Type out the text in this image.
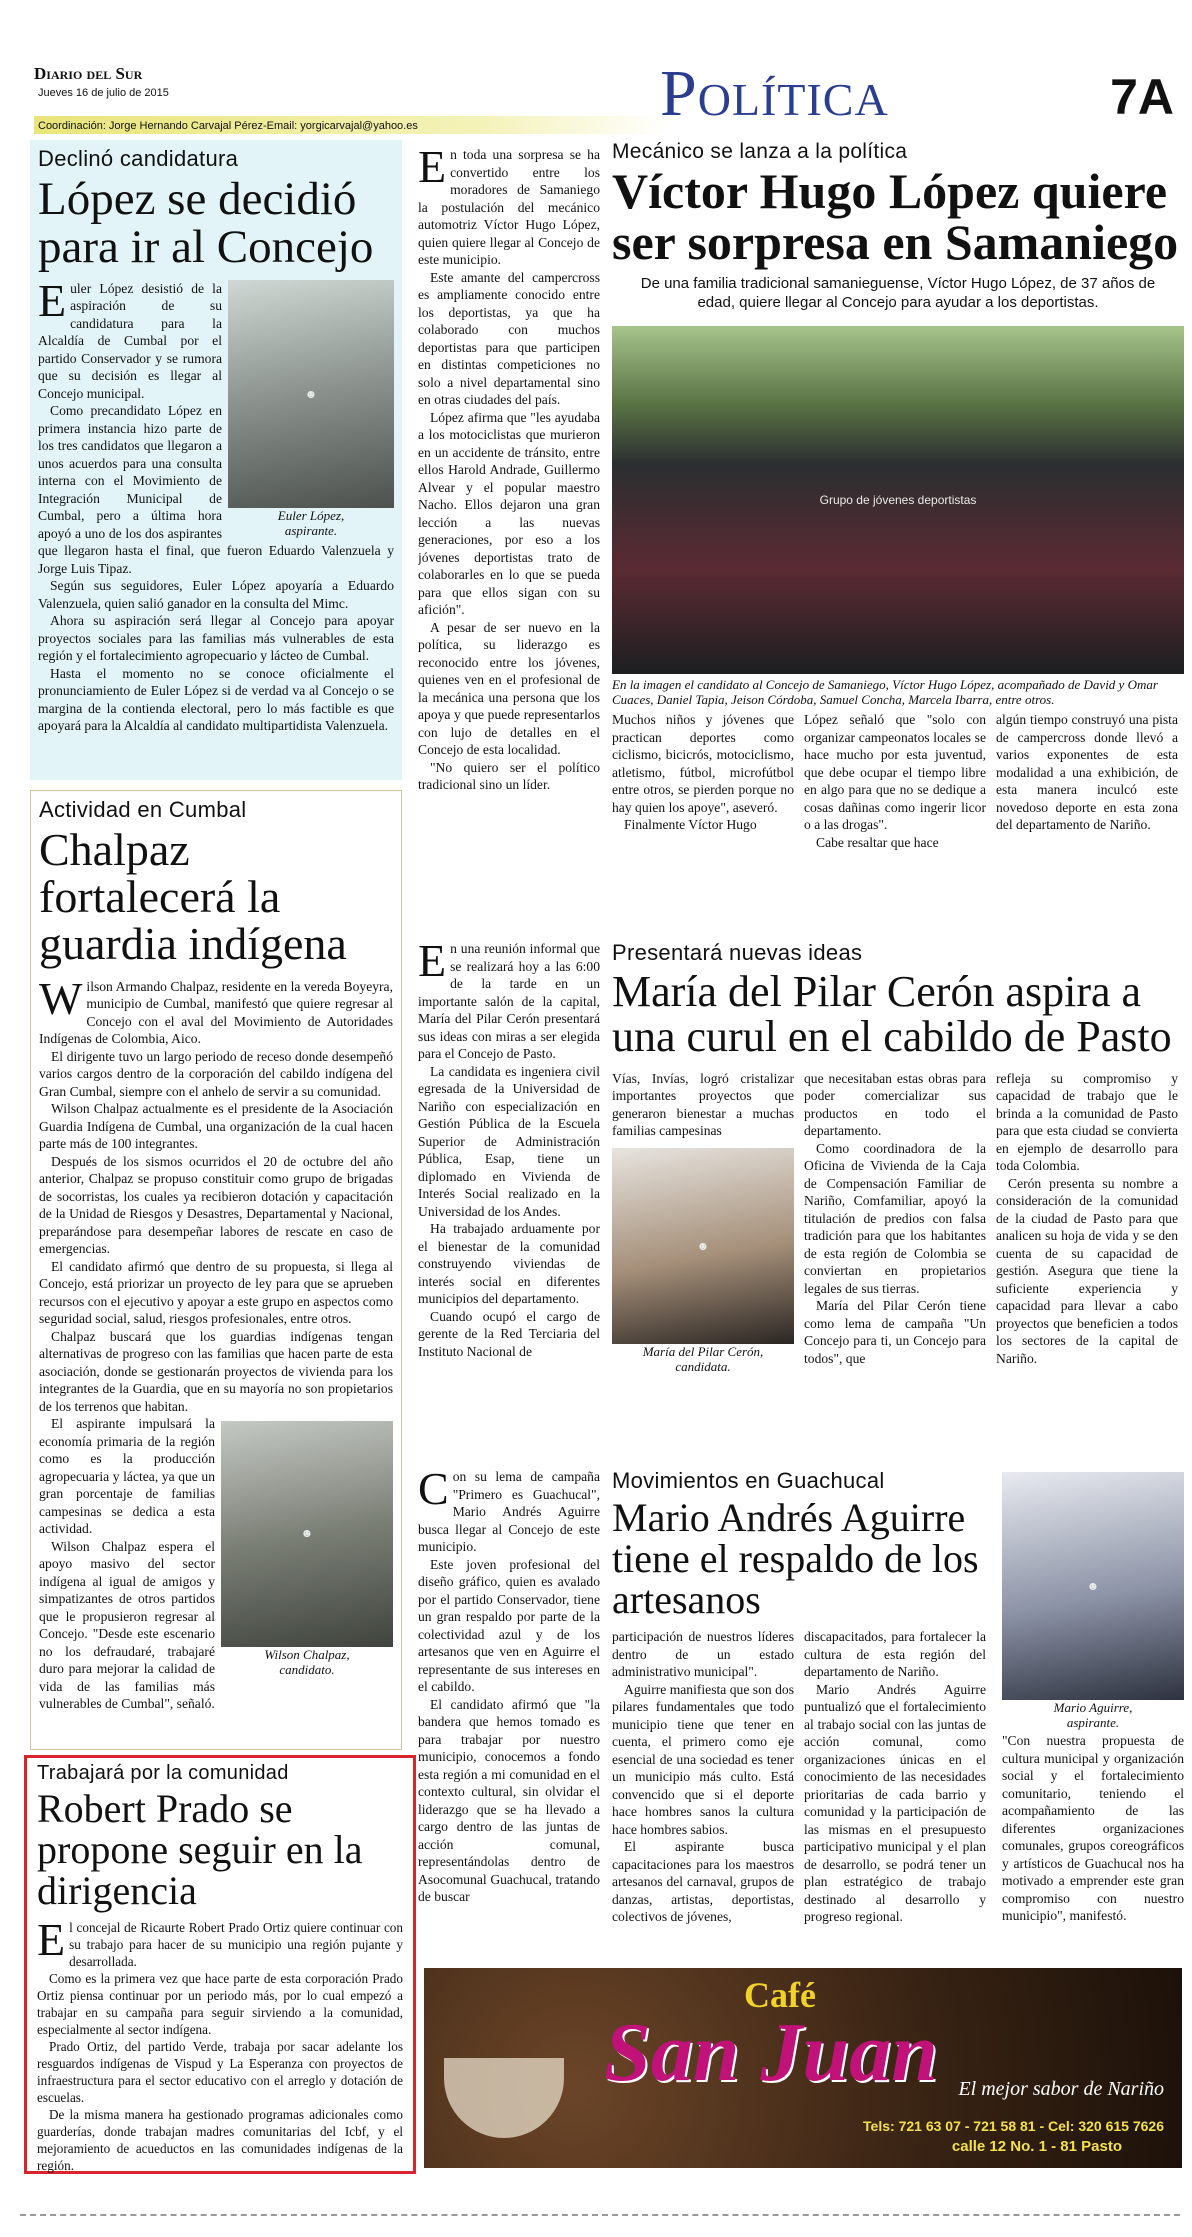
Diario del Sur
Jueves 16 de julio de 2015
Coordinación: Jorge Hernando Carvajal Pérez-Email: yorgicarvajal@yahoo.es	Política	7A
Declinó candidatura
López se decidió para ir al Concejo
☻
Euler López,
aspirante.
Euler López desistió de la aspiración de su candidatura para la Alcaldía de Cumbal por el partido Conservador y se rumora que su decisión es llegar al Concejo municipal.

Como precandidato López en primera instancia hizo parte de los tres candidatos que llegaron a unos acuerdos para una consulta interna con el Movimiento de Integración Municipal de Cumbal, pero a última hora apoyó a uno de los dos aspirantes que llegaron hasta el final, que fueron Eduardo Valenzuela y Jorge Luis Tipaz.

Según sus seguidores, Euler López apoyaría a Eduardo Valenzuela, quien salió ganador en la consulta del Mimc.

Ahora su aspiración será llegar al Concejo para apoyar proyectos sociales para las familias más vulnerables de esta región y el fortalecimiento agropecuario y lácteo de Cumbal.

Hasta el momento no se conoce oficialmente el pronunciamiento de Euler López si de verdad va al Concejo o se margina de la contienda electoral, pero lo más factible es que apoyará para la Alcaldía al candidato multipartidista Valenzuela.

Actividad en Cumbal
Chalpaz fortalecerá la guardia indígena
Wilson Armando Chalpaz, residente en la vereda Boyeyra, municipio de Cumbal, manifestó que quiere regresar al Concejo con el aval del Movimiento de Autoridades Indígenas de Colombia, Aico.

El dirigente tuvo un largo periodo de receso donde desempeñó varios cargos dentro de la corporación del cabildo indígena del Gran Cumbal, siempre con el anhelo de servir a su comunidad.

Wilson Chalpaz actualmente es el presidente de la Asociación Guardia Indígena de Cumbal, una organización de la cual hacen parte más de 100 integrantes.

Después de los sismos ocurridos el 20 de octubre del año anterior, Chalpaz se propuso constituir como grupo de brigadas de socorristas, los cuales ya recibieron dotación y capacitación de la Unidad de Riesgos y Desastres, Departamental y Nacional, preparándose para desempeñar labores de rescate en caso de emergencias.

El candidato afirmó que dentro de su propuesta, si llega al Concejo, está priorizar un proyecto de ley para que se aprueben recursos con el ejecutivo y apoyar a este grupo en aspectos como seguridad social, salud, riesgos profesionales, entre otros.

Chalpaz buscará que los guardias indígenas tengan alternativas de progreso con las familias que hacen parte de esta asociación, donde se gestionarán proyectos de vivienda para los integrantes de la Guardia, que en su mayoría no son propietarios de los terrenos que habitan.

☻
Wilson Chalpaz,
candidato.

El aspirante impulsará la economía primaria de la región como es la producción agropecuaria y láctea, ya que un gran porcentaje de familias campesinas se dedica a esta actividad.

Wilson Chalpaz espera el apoyo masivo del sector indígena al igual de amigos y simpatizantes de otros partidos que le propusieron regresar al Concejo. "Desde este escenario no los defraudaré, trabajaré duro para mejorar la calidad de vida de las familias más vulnerables de Cumbal", señaló.

Trabajará por la comunidad
Robert Prado se propone seguir en la dirigencia
El concejal de Ricaurte Robert Prado Ortiz quiere continuar con su trabajo para hacer de su municipio una región pujante y desarrollada.

Como es la primera vez que hace parte de esta corporación Prado Ortiz piensa continuar por un periodo más, por lo cual empezó a trabajar en su campaña para seguir sirviendo a la comunidad, especialmente al sector indígena.

Prado Ortiz, del partido Verde, trabaja por sacar adelante los resguardos indígenas de Vispud y La Esperanza con proyectos de infraestructura para el sector educativo con el arreglo y dotación de escuelas.

De la misma manera ha gestionado programas adicionales como guarderías, donde trabajan madres comunitarias del Icbf, y el mejoramiento de acueductos en las comunidades indígenas de la región.

En toda una sorpresa se ha convertido entre los moradores de Samaniego la postulación del mecánico automotriz Víctor Hugo López, quien quiere llegar al Concejo de este municipio.

Este amante del campercross es ampliamente conocido entre los deportistas, ya que ha colaborado con muchos deportistas para que participen en distintas competiciones no solo a nivel departamental sino en otras ciudades del país.

López afirma que "les ayudaba a los motociclistas que murieron en un accidente de tránsito, entre ellos Harold Andrade, Guillermo Alvear y el popular maestro Nacho. Ellos dejaron una gran lección a las nuevas generaciones, por eso a los jóvenes deportistas trato de colaborarles en lo que se pueda para que ellos sigan con su afición".

A pesar de ser nuevo en la política, su liderazgo es reconocido entre los jóvenes, quienes ven en el profesional de la mecánica una persona que los apoya y que puede representarlos con lujo de detalles en el Concejo de esta localidad.

"No quiero ser el político tradicional sino un líder.

Mecánico se lanza a la política
Víctor Hugo López quiere ser sorpresa en Samaniego
De una familia tradicional samanieguense, Víctor Hugo López, de 37 años de edad, quiere llegar al Concejo para ayudar a los deportistas.
Grupo de jóvenes deportistas
En la imagen el candidato al Concejo de Samaniego, Víctor Hugo López, acompañado de David y Omar Cuaces, Daniel Tapia, Jeison Córdoba, Samuel Concha, Marcela Ibarra, entre otros.
Muchos niños y jóvenes que practican deportes como ciclismo, bicicrós, motociclismo, atletismo, fútbol, microfútbol entre otros, se pierden porque no hay quien los apoye", aseveró.

Finalmente Víctor Hugo

López señaló que "solo con organizar campeonatos locales se hace mucho por esta juventud, que debe ocupar el tiempo libre en algo para que no se dedique a cosas dañinas como ingerir licor o a las drogas".

Cabe resaltar que hace

algún tiempo construyó una pista de campercross donde llevó a varios exponentes de esta modalidad a una exhibición, de esta manera inculcó este novedoso deporte en esta zona del departamento de Nariño.
En una reunión informal que se realizará hoy a las 6:00 de la tarde en un importante salón de la capital, María del Pilar Cerón presentará sus ideas con miras a ser elegida para el Concejo de Pasto.

La candidata es ingeniera civil egresada de la Universidad de Nariño con especialización en Gestión Pública de la Escuela Superior de Administración Pública, Esap, tiene un diplomado en Vivienda de Interés Social realizado en la Universidad de los Andes.

Ha trabajado arduamente por el bienestar de la comunidad construyendo viviendas de interés social en diferentes municipios del departamento.

Cuando ocupó el cargo de gerente de la Red Terciaria del Instituto Nacional de

Presentará nuevas ideas
María del Pilar Cerón aspira a una curul en el cabildo de Pasto
Vías, Invías, logró cristalizar importantes proyectos que generaron bienestar a muchas familias campesinas
☻
María del Pilar Cerón,
candidata.
que necesitaban estas obras para poder comercializar sus productos en todo el departamento.

Como coordinadora de la Oficina de Vivienda de la Caja de Compensación Familiar de Nariño, Comfamiliar, apoyó la titulación de predios con falsa tradición para que los habitantes de esta región de Colombia se conviertan en propietarios legales de sus tierras.

María del Pilar Cerón tiene como lema de campaña "Un Concejo para ti, un Concejo para todos", que

refleja su compromiso y capacidad de trabajo que le brinda a la comunidad de Pasto para que esta ciudad se convierta en ejemplo de desarrollo para toda Colombia.

Cerón presenta su nombre a consideración de la comunidad de la ciudad de Pasto para que analicen su hoja de vida y se den cuenta de su capacidad de gestión. Asegura que tiene la suficiente experiencia y capacidad para llevar a cabo proyectos que beneficien a todos los sectores de la capital de Nariño.

Con su lema de campaña "Primero es Guachucal", Mario Andrés Aguirre busca llegar al Concejo de este municipio.

Este joven profesional del diseño gráfico, quien es avalado por el partido Conservador, tiene un gran respaldo por parte de la colectividad azul y de los artesanos que ven en Aguirre el representante de sus intereses en el cabildo.

El candidato afirmó que "la bandera que hemos tomado es para trabajar por nuestro municipio, conocemos a fondo esta región a mi comunidad en el contexto cultural, sin olvidar el liderazgo que se ha llevado a cargo dentro de las juntas de acción comunal, representándolas dentro de Asocomunal Guachucal, tratando de buscar

Movimientos en Guachucal
Mario Andrés Aguirre tiene el respaldo de los artesanos
participación de nuestros líderes dentro de un estado administrativo municipal".

Aguirre manifiesta que son dos pilares fundamentales que todo municipio tiene que tener en cuenta, el primero como eje esencial de una sociedad es tener un municipio más culto. Está convencido que si el deporte hace hombres sanos la cultura hace hombres sabios.

El aspirante busca capacitaciones para los maestros artesanos del carnaval, grupos de danzas, artistas, deportistas, colectivos de jóvenes,

discapacitados, para fortalecer la cultura de esta región del departamento de Nariño.

Mario Andrés Aguirre puntualizó que el fortalecimiento al trabajo social con las juntas de acción comunal, como organizaciones únicas en el conocimiento de las necesidades prioritarias de cada barrio y comunidad y la participación de las mismas en el presupuesto participativo municipal y el plan de desarrollo, se podrá tener un plan estratégico de trabajo destinado al desarrollo y progreso regional.

☻
Mario Aguirre,
aspirante.
"Con nuestra propuesta de cultura municipal y organización social y el fortalecimiento comunitario, teniendo el acompañamiento de las diferentes organizaciones comunales, grupos coreográficos y artísticos de Guachucal nos ha motivado a emprender este gran compromiso con nuestro municipio", manifestó.
Café
San Juan El mejor sabor de Nariño
Tels: 721 63 07 - 721 58 81 - Cel: 320 615 7626
calle 12 No. 1 - 81 Pasto
